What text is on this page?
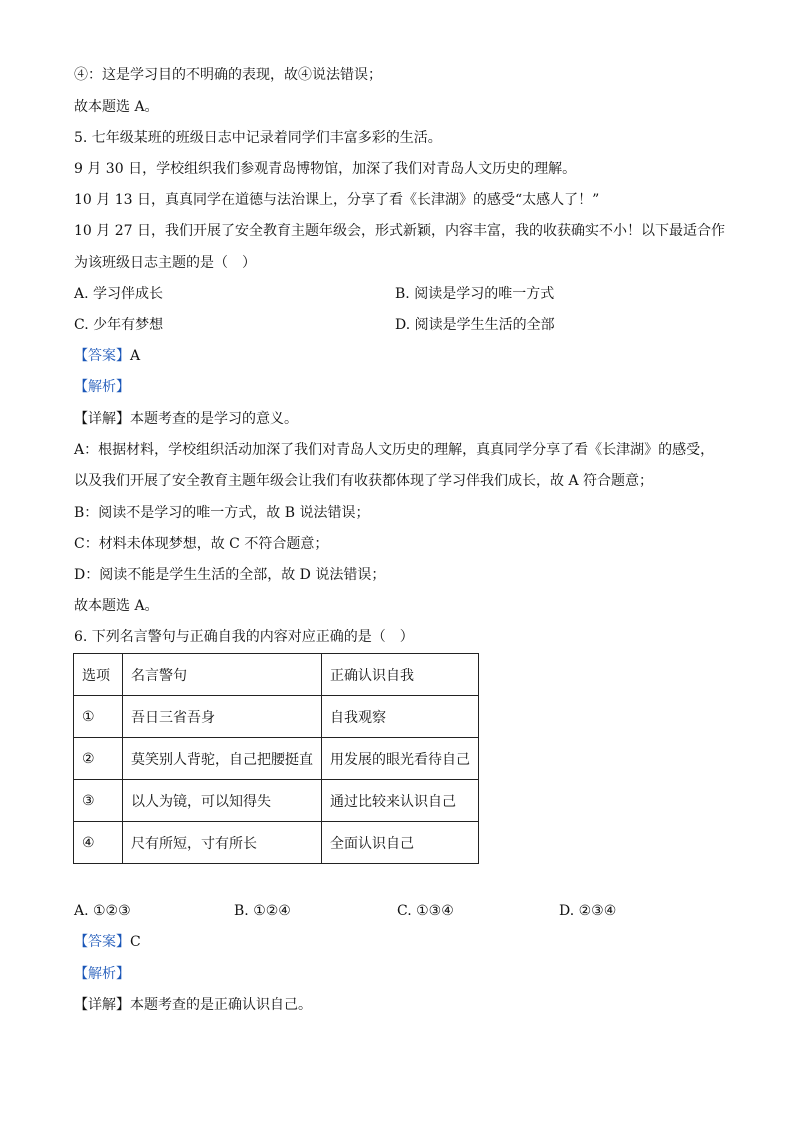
④：这是学习目的不明确的表现，故④说法错误；
故本题选 A。
5. 七年级某班的班级日志中记录着同学们丰富多彩的生活。
9 月 30 日，学校组织我们参观青岛博物馆，加深了我们对青岛人文历史的理解。
10 月 13 日，真真同学在道德与法治课上，分享了看《长津湖》的感受“太感人了！”
10 月 27 日，我们开展了安全教育主题年级会，形式新颖，内容丰富，我的收获确实不小！以下最适合作
为该班级日志主题的是（　）
A. 学习伴成长	B. 阅读是学习的唯一方式
C. 少年有梦想	D. 阅读是学生生活的全部
【答案】A
【解析】
【详解】本题考查的是学习的意义。
A：根据材料，学校组织活动加深了我们对青岛人文历史的理解，真真同学分享了看《长津湖》的感受，
以及我们开展了安全教育主题年级会让我们有收获都体现了学习伴我们成长，故 A 符合题意；
B：阅读不是学习的唯一方式，故 B 说法错误；
C：材料未体现梦想，故 C 不符合题意；
D：阅读不能是学生生活的全部，故 D 说法错误；
故本题选 A。
6. 下列名言警句与正确自我的内容对应正确的是（　）
选项	名言警句	正确认识自我
①	吾日三省吾身	自我观察
②	莫笑别人背驼，自己把腰挺直	用发展的眼光看待自己
③	以人为镜，可以知得失	通过比较来认识自己
④	尺有所短，寸有所长	全面认识自己
A. ①②③	B. ①②④	C. ①③④	D. ②③④
【答案】C
【解析】
【详解】本题考查的是正确认识自己。
